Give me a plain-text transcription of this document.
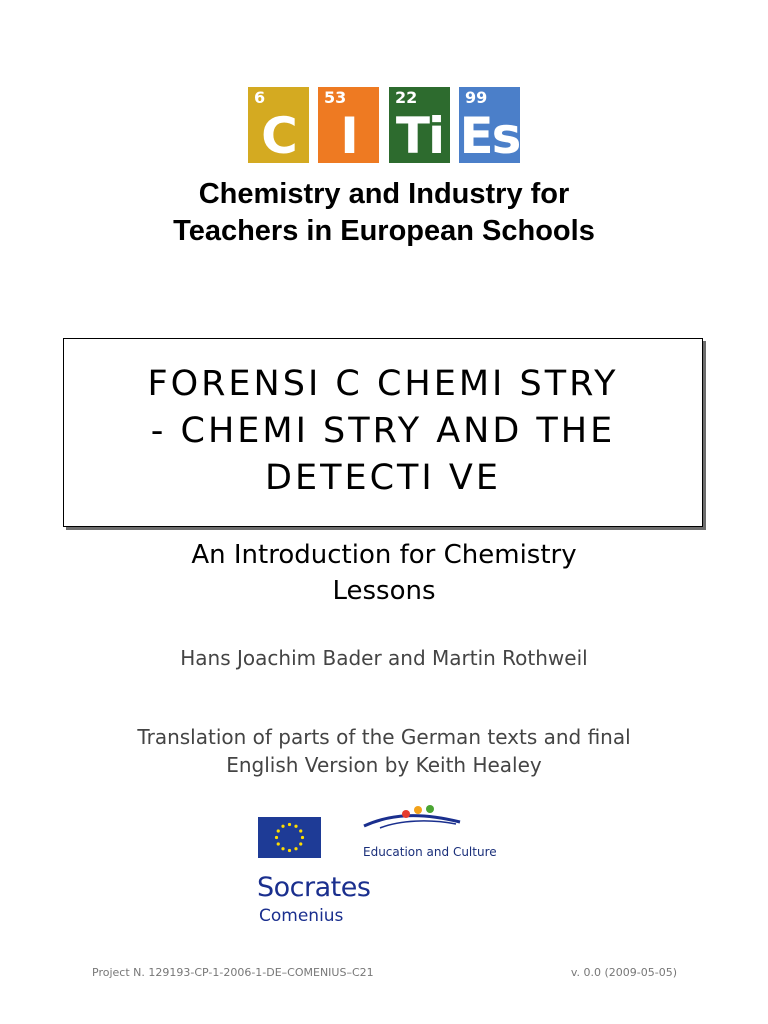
6
C
53
I
22
Ti
99
Es
Chemistry and Industry for
Teachers in European Schools
FORENSI C CHEMI STRY
- CHEMI STRY AND THE
DETECTI VE
An Introduction for Chemistry
Lessons
Hans Joachim Bader and Martin Rothweil
Translation of parts of the German texts and final
English Version by Keith Healey
Education and Culture
Socrates
Comenius
Project N. 129193-CP-1-2006-1-DE–COMENIUS–C21	v. 0.0 (2009-05-05)
